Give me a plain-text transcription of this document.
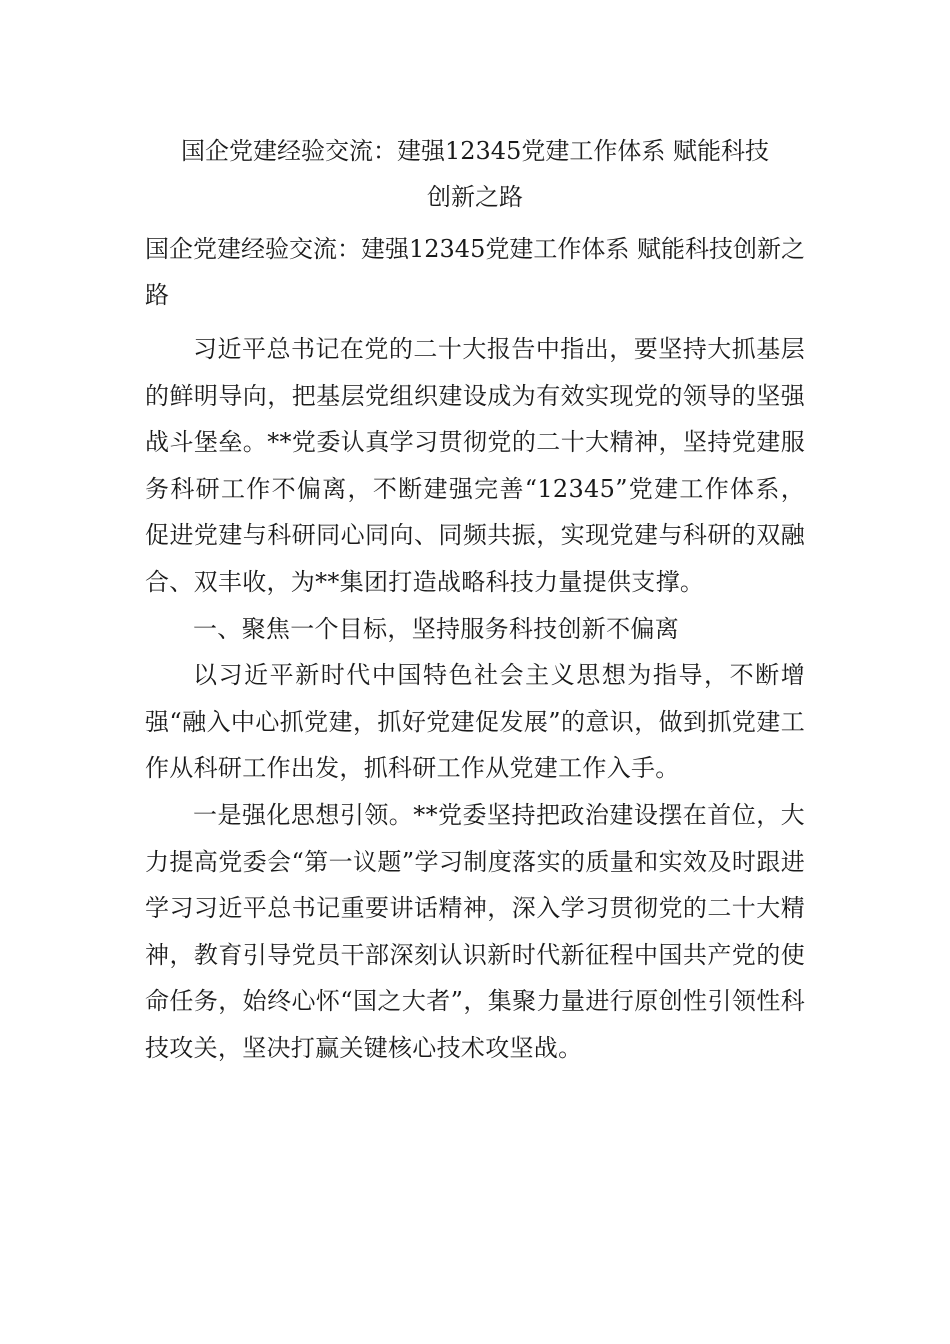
国企党建经验交流：建强12345党建工作体系 赋能科技
创新之路

国企党建经验交流：建强12345党建工作体系 赋能科技创新之路

习近平总书记在党的二十大报告中指出，要坚持大抓基层的鲜明导向，把基层党组织建设成为有效实现党的领导的坚强战斗堡垒。**党委认真学习贯彻党的二十大精神，坚持党建服务科研工作不偏离，不断建强完善“12345”党建工作体系，促进党建与科研同心同向、同频共振，实现党建与科研的双融合、双丰收，为**集团打造战略科技力量提供支撑。

一、聚焦一个目标，坚持服务科技创新不偏离

以习近平新时代中国特色社会主义思想为指导，不断增强“融入中心抓党建，抓好党建促发展”的意识，做到抓党建工作从科研工作出发，抓科研工作从党建工作入手。

一是强化思想引领。**党委坚持把政治建设摆在首位，大力提高党委会“第一议题”学习制度落实的质量和实效及时跟进学习习近平总书记重要讲话精神，深入学习贯彻党的二十大精神，教育引导党员干部深刻认识新时代新征程中国共产党的使命任务，始终心怀“国之大者”，集聚力量进行原创性引领性科技攻关，坚决打赢关键核心技术攻坚战。
